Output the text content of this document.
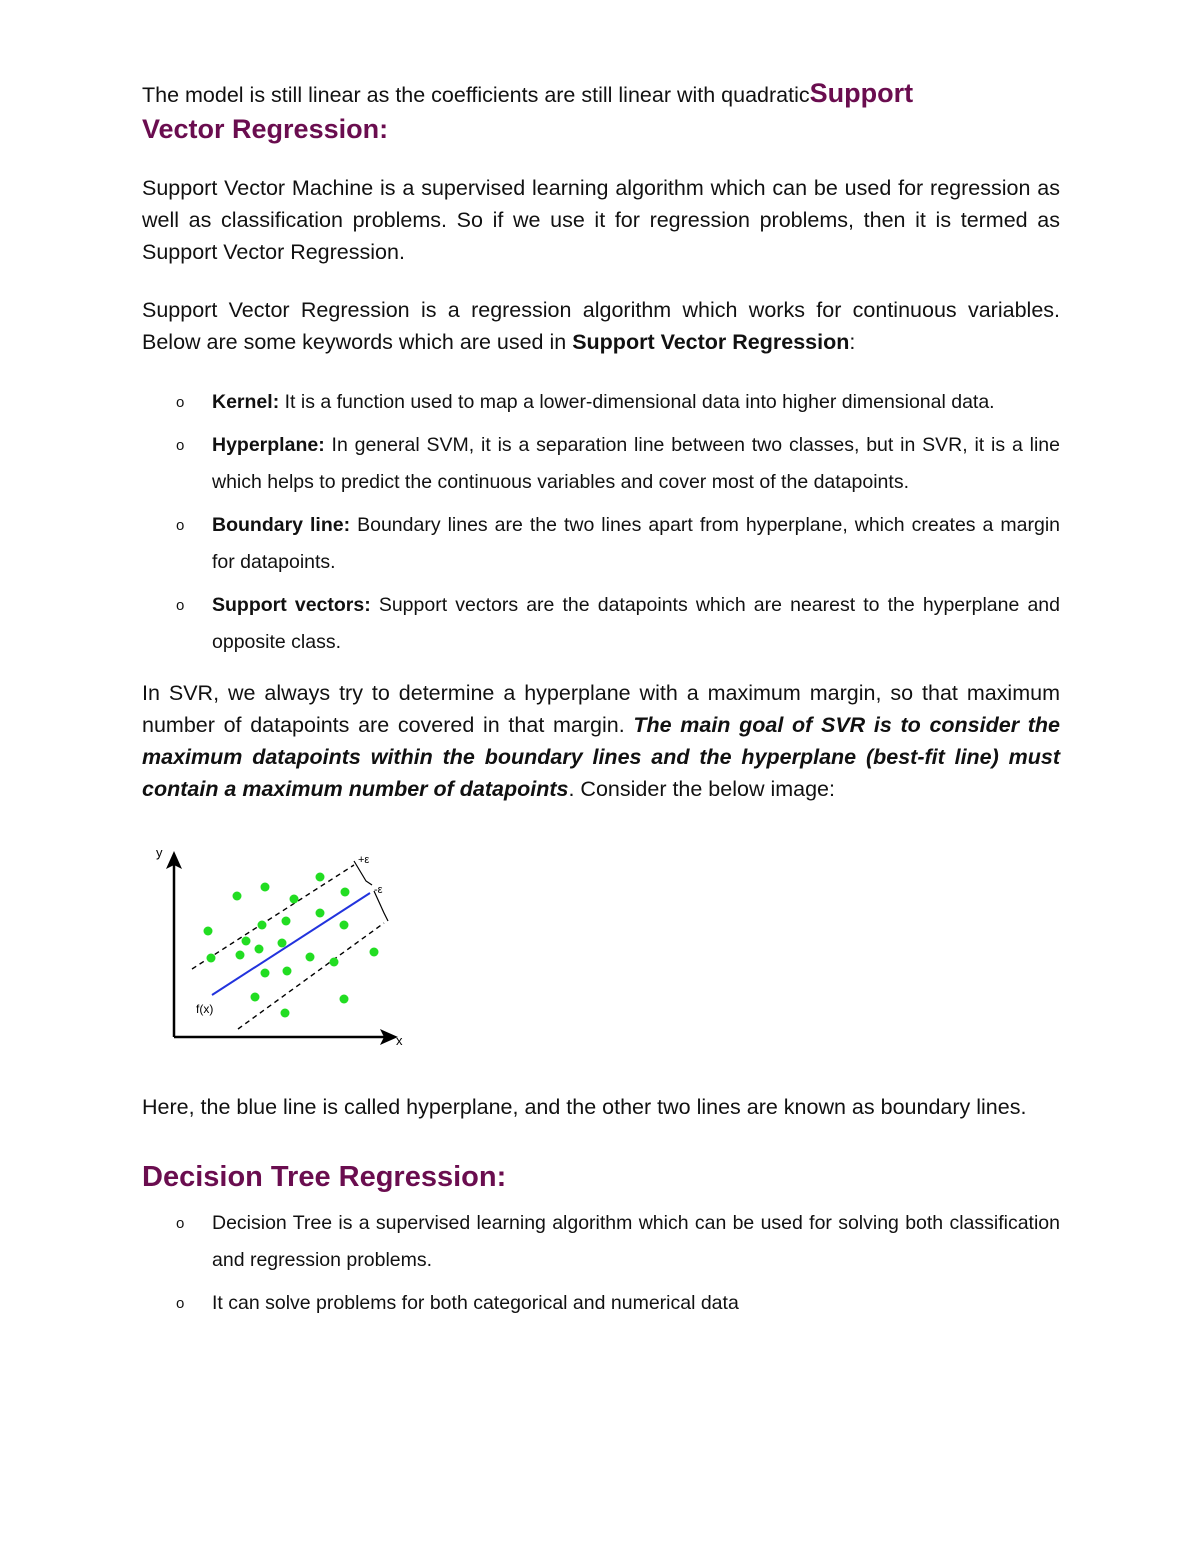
The model is still linear as the coefficients are still linear with quadraticSupport

Vector Regression:

Support Vector Machine is a supervised learning algorithm which can be used for regression as well as classification problems. So if we use it for regression problems, then it is termed as Support Vector Regression.

Support Vector Regression is a regression algorithm which works for continuous variables. Below are some keywords which are used in Support Vector Regression:

o Kernel: It is a function used to map a lower-dimensional data into higher dimensional data.
o Hyperplane: In general SVM, it is a separation line between two classes, but in SVR, it is a line which helps to predict the continuous variables and cover most of the datapoints.
o Boundary line: Boundary lines are the two lines apart from hyperplane, which creates a margin for datapoints.
o Support vectors: Support vectors are the datapoints which are nearest to the hyperplane and opposite class.

In SVR, we always try to determine a hyperplane with a maximum margin, so that maximum number of datapoints are covered in that margin. The main goal of SVR is to consider the maximum datapoints within the boundary lines and the hyperplane (best-fit line) must contain a maximum number of datapoints. Consider the below image:

y
x
+ε
-ε
f(x)

Here, the blue line is called hyperplane, and the other two lines are known as boundary lines.

Decision Tree Regression:
o Decision Tree is a supervised learning algorithm which can be used for solving both classification and regression problems.
o It can solve problems for both categorical and numerical data
